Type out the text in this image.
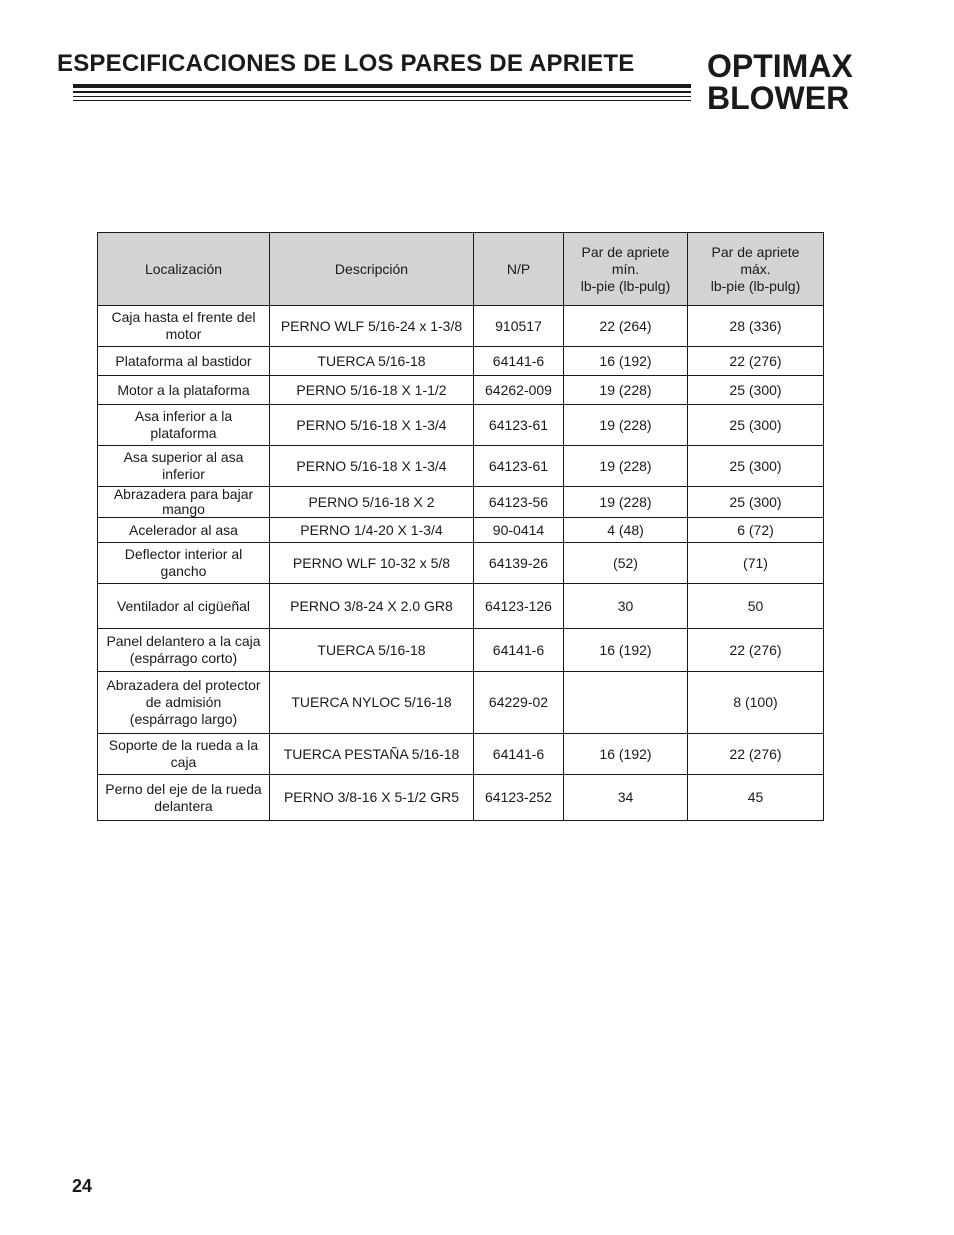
ESPECIFICACIONES DE LOS PARES DE APRIETE OPTIMAX
BLOWER
Localización	Descripción	N/P	Par de apriete
mín.
lb-pie (lb-pulg)	Par de apriete
máx.
lb-pie (lb-pulg)
Caja hasta el frente del motor	PERNO WLF 5/16-24 x 1-3/8	910517	22 (264)	28 (336)
Plataforma al bastidor	TUERCA 5/16-18	64141-6	16 (192)	22 (276)
Motor a la plataforma	PERNO 5/16-18 X 1-1/2	64262-009	19 (228)	25 (300)
Asa inferior a la plataforma	PERNO 5/16-18 X 1-3/4	64123-61	19 (228)	25 (300)
Asa superior al asa inferior	PERNO 5/16-18 X 1-3/4	64123-61	19 (228)	25 (300)
Abrazadera para bajar mango	PERNO 5/16-18 X 2	64123-56	19 (228)	25 (300)
Acelerador al asa	PERNO 1/4-20 X 1-3/4	90-0414	4 (48)	6 (72)
Deflector interior al gancho	PERNO WLF 10-32 x 5/8	64139-26	(52)	(71)
Ventilador al cigüeñal	PERNO 3/8-24 X 2.0 GR8	64123-126	30	50
Panel delantero a la caja
(espárrago corto)	TUERCA 5/16-18	64141-6	16 (192)	22 (276)
Abrazadera del protector de admisión
(espárrago largo)	TUERCA NYLOC 5/16-18	64229-02		8 (100)
Soporte de la rueda a la caja	TUERCA PESTAÑA 5/16-18	64141-6	16 (192)	22 (276)
Perno del eje de la rueda delantera	PERNO 3/8-16 X 5-1/2 GR5	64123-252	34	45
24
